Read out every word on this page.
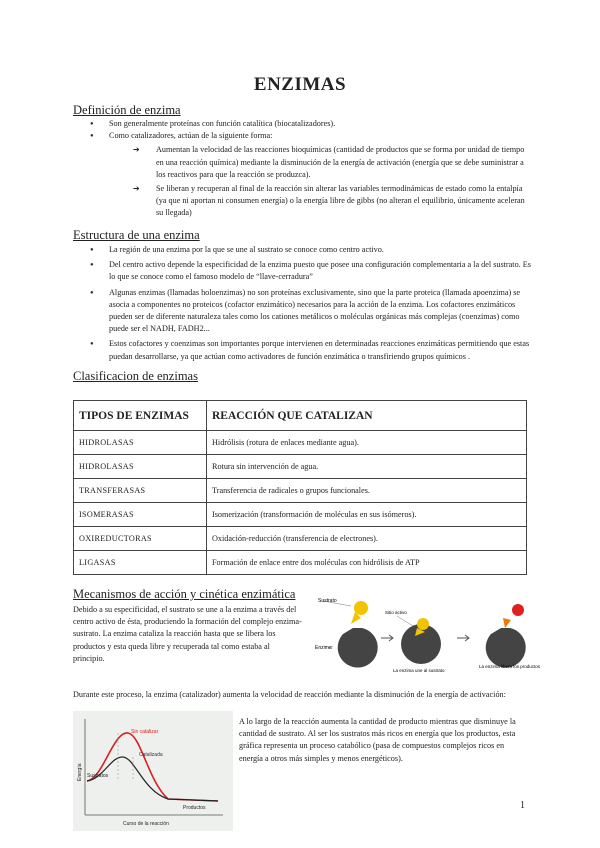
ENZIMAS
Definición de enzima
● Son generalmente proteínas con función catalítica (biocatalizadores).
● Como catalizadores, actúan de la siguiente forma:
➔ Aumentan la velocidad de las reacciones bioquímicas (cantidad de productos que se forma por unidad de tiempo en una reacción química) mediante la disminución de la energía de activación (energía que se debe suministrar a los reactivos para que la reacción se produzca).
➔ Se liberan y recuperan al final de la reacción sin alterar las variables termodinámicas de estado como la entalpía (ya que ni aportan ni consumen energía) o la energía libre de gibbs (no alteran el equilibrio, únicamente aceleran su llegada)
Estructura de una enzima
● La región de una enzima por la que se une al sustrato se conoce como centro activo.
● Del centro activo depende la especificidad de la enzima puesto que posee una configuración complementaria a la del sustrato. Es lo que se conoce como el famoso modelo de “llave-cerradura”
● Algunas enzimas (llamadas holoenzimas) no son proteínas exclusivamente, sino que la parte proteica (llamada apoenzima) se asocia a componentes no proteicos (cofactor enzimático) necesarios para la acción de la enzima. Los cofactores enzimáticos pueden ser de diferente naturaleza tales como los cationes metálicos o moléculas orgánicas más complejas (coenzimas) como puede ser el NADH, FADH2...
● Estos cofactores y coenzimas son importantes porque intervienen en determinadas reacciones enzimáticas permitiendo que estas puedan desarrollarse, ya que actúan como activadores de función enzimática o transfiriendo grupos químicos .
Clasificacion de enzimas
TIPOS DE ENZIMAS	REACCIÓN QUE CATALIZAN
HIDROLASAS	Hidrólisis (rotura de enlaces mediante agua).
HIDROLASAS	Rotura sin intervención de agua.
TRANSFERASAS	Transferencia de radicales o grupos funcionales.
ISOMERASAS	Isomerización (transformación de moléculas en sus isómeros).
OXIREDUCTORAS	Oxidación-reducción (transferencia de electrones).
LIGASAS	Formación de enlace entre dos moléculas con hidrólisis de ATP
Mecanismos de acción y cinética enzimática
Debido a su especificidad, el sustrato se une a la enzima a través del centro activo de ésta, produciendo la formación del complejo enzima-sustrato. La enzima cataliza la reacción hasta que se libera los productos y esta queda libre y recuperada tal como estaba al principio.
Sustrato
Enzima
Sitio activo
La enzima une al sustrato
La enzima libera los productos
Durante este proceso, la enzima (catalizador) aumenta la velocidad de reacción mediante la disminución de la energía de activación:
Sin catalizar
Catalizada
Sustratos
Productos
Curso de la reacción
Energía
A lo largo de la reacción aumenta la cantidad de producto mientras que disminuye la cantidad de sustrato. Al ser los sustratos más ricos en energía que los productos, esta gráfica representa un proceso catabólico (pasa de compuestos complejos ricos en energía a otros más simples y menos energéticos).
1
